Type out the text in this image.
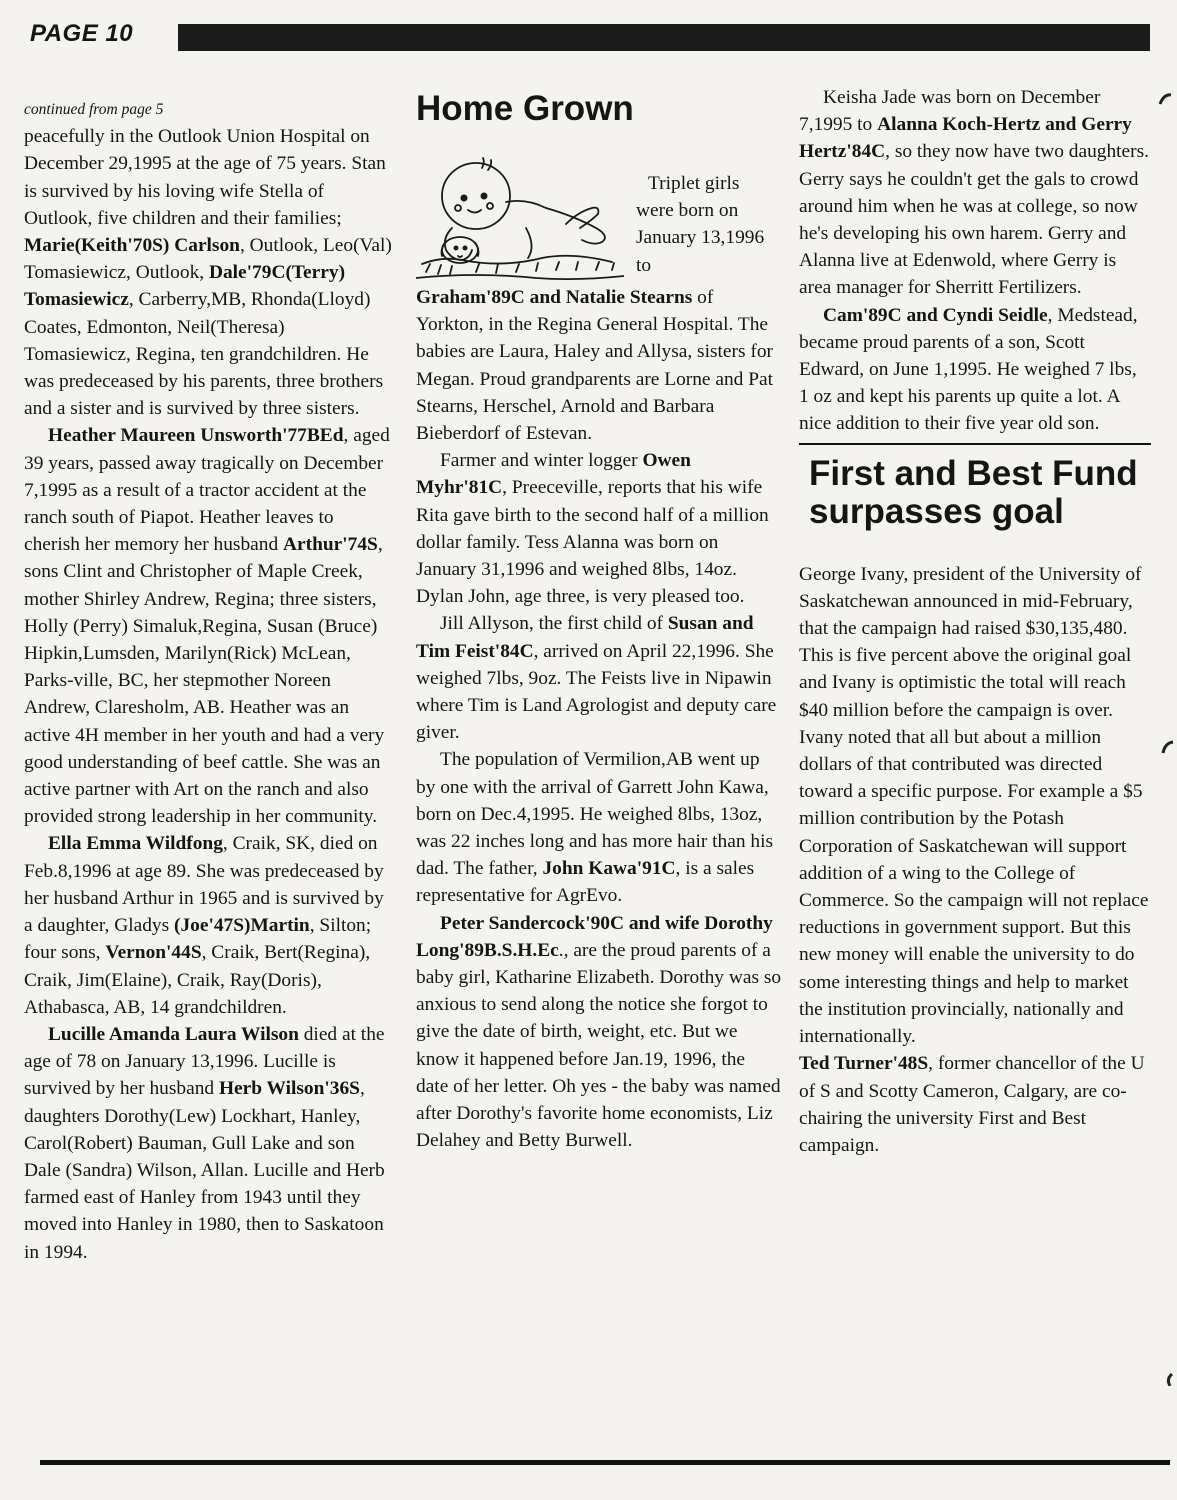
PAGE 10

continued from page 5

peacefully in the Outlook Union Hospital on December 29,1995 at the age of 75 years. Stan is survived by his loving wife Stella of Outlook, five children and their families; Marie(Keith'70S) Carlson, Outlook, Leo(Val) Tomasiewicz, Outlook, Dale'79C(Terry) Tomasiewicz, Carberry,MB, Rhonda(Lloyd) Coates, Edmonton, Neil(Theresa) Tomasiewicz, Regina, ten grandchildren. He was predeceased by his parents, three brothers and a sister and is survived by three sisters.

Heather Maureen Unsworth'77BEd, aged 39 years, passed away tragically on December 7,1995 as a result of a tractor accident at the ranch south of Piapot. Heather leaves to cherish her memory her husband Arthur'74S, sons Clint and Christopher of Maple Creek, mother Shirley Andrew, Regina; three sisters, Holly (Perry) Simaluk,Regina, Susan (Bruce) Hipkin,Lumsden, Marilyn(Rick) McLean, Parks-ville, BC, her stepmother Noreen Andrew, Claresholm, AB. Heather was an active 4H member in her youth and had a very good understanding of beef cattle. She was an active partner with Art on the ranch and also provided strong leadership in her community.

Ella Emma Wildfong, Craik, SK, died on Feb.8,1996 at age 89. She was predeceased by her husband Arthur in 1965 and is survived by a daughter, Gladys (Joe'47S)Martin, Silton; four sons, Vernon'44S, Craik, Bert(Regina), Craik, Jim(Elaine), Craik, Ray(Doris), Athabasca, AB, 14 grandchildren.

Lucille Amanda Laura Wilson died at the age of 78 on January 13,1996. Lucille is survived by her husband Herb Wilson'36S, daughters Dorothy(Lew) Lockhart, Hanley, Carol(Robert) Bauman, Gull Lake and son Dale (Sandra) Wilson, Allan. Lucille and Herb farmed east of Hanley from 1943 until they moved into Hanley in 1980, then to Saskatoon in 1994.

Home Grown

Triplet girls were born on January 13,1996 to

Graham'89C and Natalie Stearns of Yorkton, in the Regina General Hospital. The babies are Laura, Haley and Allysa, sisters for Megan. Proud grandparents are Lorne and Pat Stearns, Herschel, Arnold and Barbara Bieberdorf of Estevan.

Farmer and winter logger Owen Myhr'81C, Preeceville, reports that his wife Rita gave birth to the second half of a million dollar family. Tess Alanna was born on January 31,1996 and weighed 8lbs, 14oz. Dylan John, age three, is very pleased too.

Jill Allyson, the first child of Susan and Tim Feist'84C, arrived on April 22,1996. She weighed 7lbs, 9oz. The Feists live in Nipawin where Tim is Land Agrologist and deputy care giver.

The population of Vermilion,AB went up by one with the arrival of Garrett John Kawa, born on Dec.4,1995. He weighed 8lbs, 13oz, was 22 inches long and has more hair than his dad. The father, John Kawa'91C, is a sales representative for AgrEvo.

Peter Sandercock'90C and wife Dorothy Long'89B.S.H.Ec., are the proud parents of a baby girl, Katharine Elizabeth. Dorothy was so anxious to send along the notice she forgot to give the date of birth, weight, etc. But we know it happened before Jan.19, 1996, the date of her letter. Oh yes - the baby was named after Dorothy's favorite home economists, Liz Delahey and Betty Burwell.

Keisha Jade was born on December 7,1995 to Alanna Koch-Hertz and Gerry Hertz'84C, so they now have two daughters. Gerry says he couldn't get the gals to crowd around him when he was at college, so now he's developing his own harem. Gerry and Alanna live at Edenwold, where Gerry is area manager for Sherritt Fertilizers.

Cam'89C and Cyndi Seidle, Medstead, became proud parents of a son, Scott Edward, on June 1,1995. He weighed 7 lbs, 1 oz and kept his parents up quite a lot. A nice addition to their five year old son.

First and Best Fund surpasses goal

George Ivany, president of the University of Saskatchewan announced in mid-February, that the campaign had raised $30,135,480. This is five percent above the original goal and Ivany is optimistic the total will reach $40 million before the campaign is over.

Ivany noted that all but about a million dollars of that contributed was directed toward a specific purpose. For example a $5 million contribution by the Potash Corporation of Saskatchewan will support addition of a wing to the College of Commerce. So the campaign will not replace reductions in government support. But this new money will enable the university to do some interesting things and help to market the institution provincially, nationally and internationally.

Ted Turner'48S, former chancellor of the U of S and Scotty Cameron, Calgary, are co-chairing the university First and Best campaign.
